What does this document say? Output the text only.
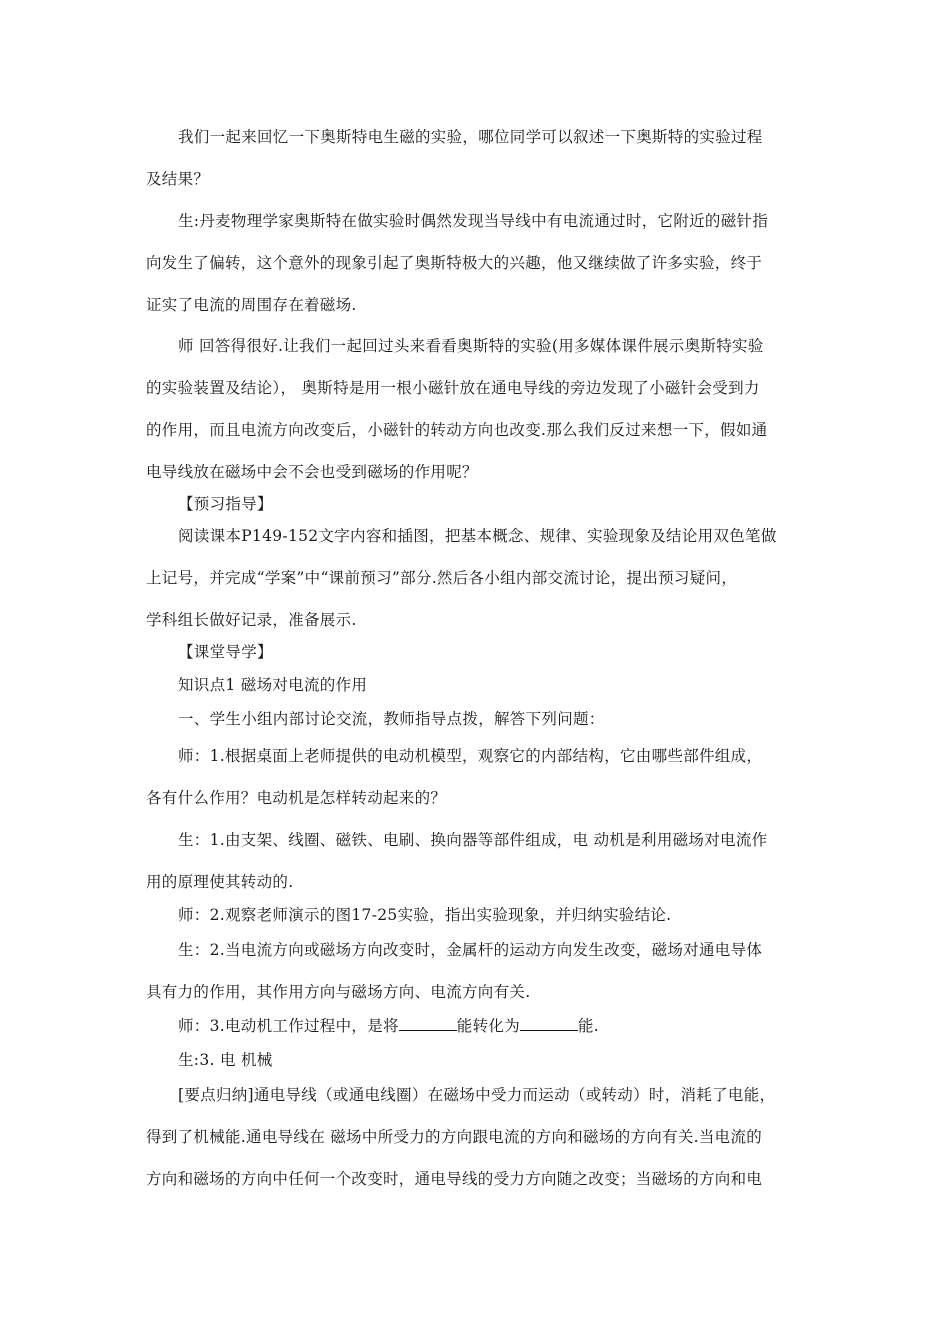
我们一起来回忆一下奥斯特电生磁的实验，哪位同学可以叙述一下奥斯特的实验过程
及结果？
生:丹麦物理学家奥斯特在做实验时偶然发现当导线中有电流通过时，它附近的磁针指
向发生了偏转，这个意外的现象引起了奥斯特极大的兴趣，他又继续做了许多实验，终于
证实了电流的周围存在着磁场.
师 回答得很好.让我们一起回过头来看看奥斯特的实验(用多媒体课件展示奥斯特实验
的实验装置及结论）， 奥斯特是用一根小磁针放在通电导线的旁边发现了小磁针会受到力
的作用，而且电流方向改变后，小磁针的转动方向也改变.那么我们反过来想一下，假如通
电导线放在磁场中会不会也受到磁场的作用呢？
【预习指导】
阅读课本P149-152文字内容和插图，把基本概念、规律、实验现象及结论用双色笔做
上记号，并完成“学案”中“课前预习”部分.然后各小组内部交流讨论，提出预习疑问，
学科组长做好记录，准备展示.
【课堂导学】
知识点1 磁场对电流的作用
一、学生小组内部讨论交流，教师指导点拨，解答下列问题：
师：1.根据桌面上老师提供的电动机模型，观察它的内部结构，它由哪些部件组成，
各有什么作用？电动机是怎样转动起来的？
生：1.由支架、线圈、磁铁、电刷、换向器等部件组成，电 动机是利用磁场对电流作
用的原理使其转动的.
师：2.观察老师演示的图17-25实验，指出实验现象，并归纳实验结论.
生：2.当电流方向或磁场方向改变时，金属杆的运动方向发生改变，磁场对通电导体
具有力的作用，其作用方向与磁场方向、电流方向有关.
师：3.电动机工作过程中，是将	能转化为	能.
生:3. 电 机械
[要点归纳]通电导线（或通电线圈）在磁场中受力而运动（或转动）时，消耗了电能，
得到了机械能.通电导线在 磁场中所受力的方向跟电流的方向和磁场的方向有关.当电流的
方向和磁场的方向中任何一个改变时，通电导线的受力方向随之改变；当磁场的方向和电
